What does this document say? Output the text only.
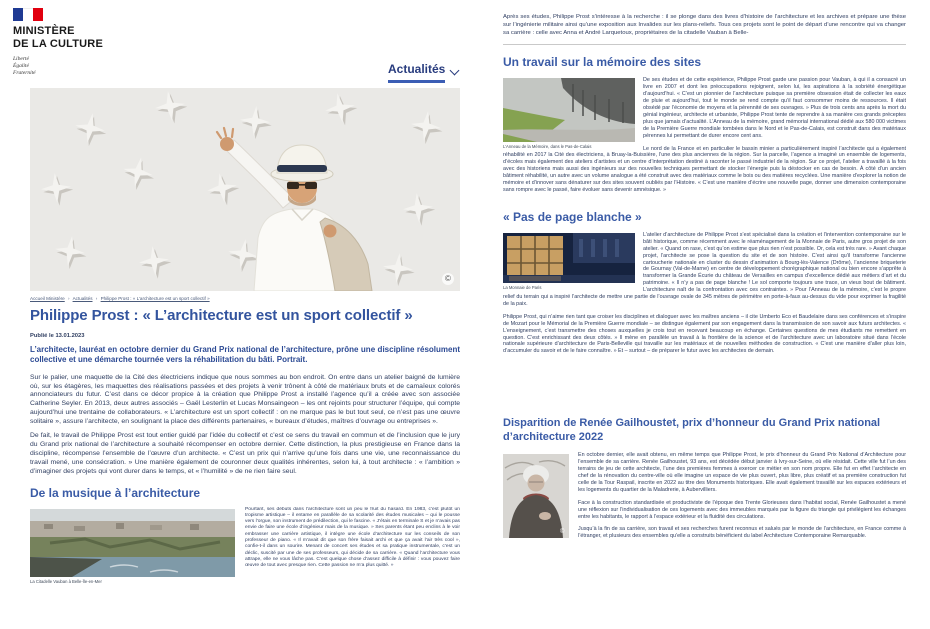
MINISTÈRE
DE LA CULTURE
Liberté
Égalité
Fraternité	Actualités
©
Accueil Ministère › Actualités › Philippe Prost : « L’architecture est un sport collectif »
Philippe Prost : « L’architecture est un sport collectif »
Publié le 13.01.2023

L’architecte, lauréat en octobre dernier du Grand Prix national de l’architecture, prône une discipline résolument collective et une démarche tournée vers la réhabilitation du bâti. Portrait.

Sur le palier, une maquette de la Cité des électriciens indique que nous sommes au bon endroit. On entre dans un atelier baigné de lumière où, sur les étagères, les maquettes des réalisations passées et des projets à venir trônent à côté de matériaux bruts et de camaïeux colorés annonciateurs du futur. C’est dans ce décor propice à la création que Philippe Prost a installé l’agence qu’il a créée avec son associée Catherine Seyler. En 2013, deux autres associés – Gaël Lesterlin et Lucas Monsaingeon – les ont rejoints pour structurer l’équipe, qui compte aujourd’hui une trentaine de collaborateurs. « L’architecture est un sport collectif : on ne marque pas le but tout seul, ce n’est pas une œuvre solitaire », assure l’architecte, en soulignant la place des différents partenaires, « bureaux d’études, maîtres d’ouvrage ou entreprises ».

De fait, le travail de Philippe Prost est tout entier guidé par l’idée du collectif et c’est ce sens du travail en commun et de l’inclusion que le jury du Grand prix national de l’architecture a souhaité récompenser en octobre dernier. Cette distinction, la plus prestigieuse en France dans la discipline, récompense l’ensemble de l’œuvre d’un architecte. « C’est un prix qui n’arrive qu’une fois dans une vie, une reconnaissance du travail mené, une consécration. » Une manière également de couronner deux qualités inhérentes, selon lui, à tout architecte : « l’ambition » d’imaginer des projets qui vont durer dans le temps, et « l’humilité » de ne rien faire seul.

De la musique à l’architecture
La Citadelle Vauban à Belle-Île-en-Mer

Pourtant, ses débuts dans l’architecture sont un peu le fruit du hasard. En 1983, c’est plutôt un tropisme artistique – il entame en parallèle de sa scolarité des études musicales – qui le pousse vers l’orgue, son instrument de prédilection, qui le fascine. « J’étais en terminale S et je n’avais pas envie de faire une école d’ingénieur mais de la musique. » Ses parents étant peu enclins à le voir embrasser une carrière artistique, il intègre une école d’architecture sur les conseils de son professeur de piano. « Il m’avait dit que son frère faisait archi et que ça avait l’air très cool », confie-t-il dans un sourire. Menant de concert ses études et sa pratique instrumentale, c’est un déclic, suscité par une de ses professeurs, qui décide de sa carrière. « Quand l’architecture vous attrape, elle ne vous lâche pas. C’est quelque chose d’assez difficile à définir : vous pouvez faire œuvre de tout avec presque rien. Cette passion ne m’a plus quitté. »

Après ses études, Philippe Prost s’intéresse à la recherche : il se plonge dans des livres d’histoire de l’architecture et les archives et prépare une thèse sur l’ingénierie militaire ainsi qu’une exposition aux Invalides sur les plans-reliefs. Tous ces projets sont le point de départ d’une rencontre qui va changer sa carrière : celle avec Anna et André Larquetoux, propriétaires de la citadelle Vauban à Belle-

Un travail sur la mémoire des sites
L’Anneau de la Mémoire, dans le Pas-de-Calais

De ses études et de cette expérience, Philippe Prost garde une passion pour Vauban, à qui il a consacré un livre en 2007 et dont les préoccupations rejoignent, selon lui, les aspirations à la sobriété énergétique d’aujourd’hui. « C’est un pionnier de l’architecture puisque sa première obsession était de collecter les eaux de pluie et aujourd’hui, tout le monde se rend compte qu’il faut consommer moins de ressources. Il était obsédé par l’économie de moyens et la pérennité de ses ouvrages. » Plus de trois cents ans après la mort du génial ingénieur, architecte et urbaniste, Philippe Prost tente de reprendre à sa manière ces grands préceptes plus que jamais d’actualité. L’Anneau de la mémoire, grand mémorial international dédié aux 580 000 victimes de la Première Guerre mondiale tombées dans le Nord et le Pas-de-Calais, est construit dans des matériaux pérennes lui permettant de durer encore cent ans.

Le nord de la France et en particulier le bassin minier a particulièrement inspiré l’architecte qui a également réhabilité en 2017 la Cité des électriciens, à Bruay-la-Buissière, l’une des plus anciennes de la région. Sur la parcelle, l’agence a imaginé un ensemble de logements, d’écoles mais également des ateliers d’artistes et un centre d’interprétation destiné à raconter le passé industriel de la région. Sur ce projet, l’atelier a travaillé à la fois avec des historiens mais aussi des ingénieurs sur des nouvelles techniques permettant de stocker l’énergie puis la déstocker en cas de besoin. À côté d’un ancien bâtiment réhabilité, un autre avec un volume analogue a été construit avec des matériaux comme le bois ou des matières recyclées. Une manière d’explorer la notion de mémoire et d’innover sans dénaturer sur des sites souvent oubliés par l’Histoire. « C’est une manière d’écrire une nouvelle page, donner une dimension contemporaine sans rompre avec le passé, faire évoluer sans devenir amnésique. »

« Pas de page blanche »
La Monnaie de Paris

L’atelier d’architecture de Philippe Prost s’est spécialisé dans la création et l’intervention contemporaine sur le bâti historique, comme récemment avec le réaménagement de la Monnaie de Paris, autre gros projet de son atelier. « Quand on rase, c’est qu’on estime que plus rien n’est possible. Or, cela est très rare. » Avant chaque projet, l’architecte se pose la question du site et de son histoire. C’est ainsi qu’il transforme l’ancienne cartoucherie nationale en cluster du dessin d’animation à Bourg-lès-Valence (Drôme), l’ancienne briqueterie de Gournay (Val-de-Marne) en centre de développement chorégraphique national ou bien encore s’apprête à transformer la Grande Écurie du château de Versailles en campus d’excellence dédié aux métiers d’art et du patrimoine. « Il n’y a pas de page blanche ! Le sol comporte toujours une trace, un vieux bout de bâtiment. L’architecture naît de la confrontation avec ces contraintes. » Pour l’Anneau de la mémoire, c’est le propre relief du terrain qui a inspiré l’architecte de mettre une partie de l’ouvrage ovale de 345 mètres de périmètre en porte-à-faux au-dessus du vide pour exprimer la fragilité de la paix.

Philippe Prost, qui n’aime rien tant que croiser les disciplines et dialoguer avec les maîtres anciens – il cite Umberto Eco et Baudelaire dans ses conférences et s’inspire de Mozart pour le Mémorial de la Première Guerre mondiale – se distingue également par son engagement dans la transmission de son savoir aux futurs architectes. « L’enseignement, c’est transmettre des choses auxquelles je crois tout en recevant beaucoup en échange. Certaines questions de mes étudiants me remettent en question. C’est enrichissant des deux côtés. » Il mène en parallèle un travail à la frontière de la science et de l’architecture avec un laboratoire situé dans l’école nationale supérieure d’architecture de Paris-Belleville qui travaille sur les matériaux et de nouvelles méthodes de construction. « C’est une manière d’aller plus loin, d’accumuler du savoir et de le faire connaître. » Et – surtout – de préparer le futur avec les architectes de demain.

Disparition de Renée Gailhoustet, prix d’honneur du Grand Prix national d’architecture 2022
©

En octobre dernier, elle avait obtenu, en même temps que Philippe Prost, le prix d’honneur du Grand Prix National d’Architecture pour l’ensemble de sa carrière. Renée Gailhoustet, 93 ans, est décédée début janvier à Ivry-sur-Seine, où elle résidait. Cette ville fut l’un des terrains de jeu de cette architecte, l’une des premières femmes à exercer ce métier en son nom propre. Elle fut en effet l’architecte en chef de la rénovation du centre-ville où elle imagine un espace de vie plus ouvert, plus libre, plus créatif et sa première construction fut celle de la Tour Raspail, inscrite en 2022 au titre des Monuments historiques. Elle avait également travaillé sur les espaces extérieurs et les logements du quartier de la Maladrerie, à Aubervilliers.

Face à la construction standardisée et productiviste de l’époque des Trente Glorieuses dans l’habitat social, Renée Gailhoustet a mené une réflexion sur l’individualisation de ces logements avec des immeubles marqués par la figure du triangle qui privilégient les échanges entre les habitants, le rapport à l’espace extérieur et la fluidité des circulations.

Jusqu’à la fin de sa carrière, son travail et ses recherches furent reconnus et salués par le monde de l’architecture, en France comme à l’étranger, et plusieurs des ensembles qu’elle a construits bénéficient du label Architecture Contemporaine Remarquable.
